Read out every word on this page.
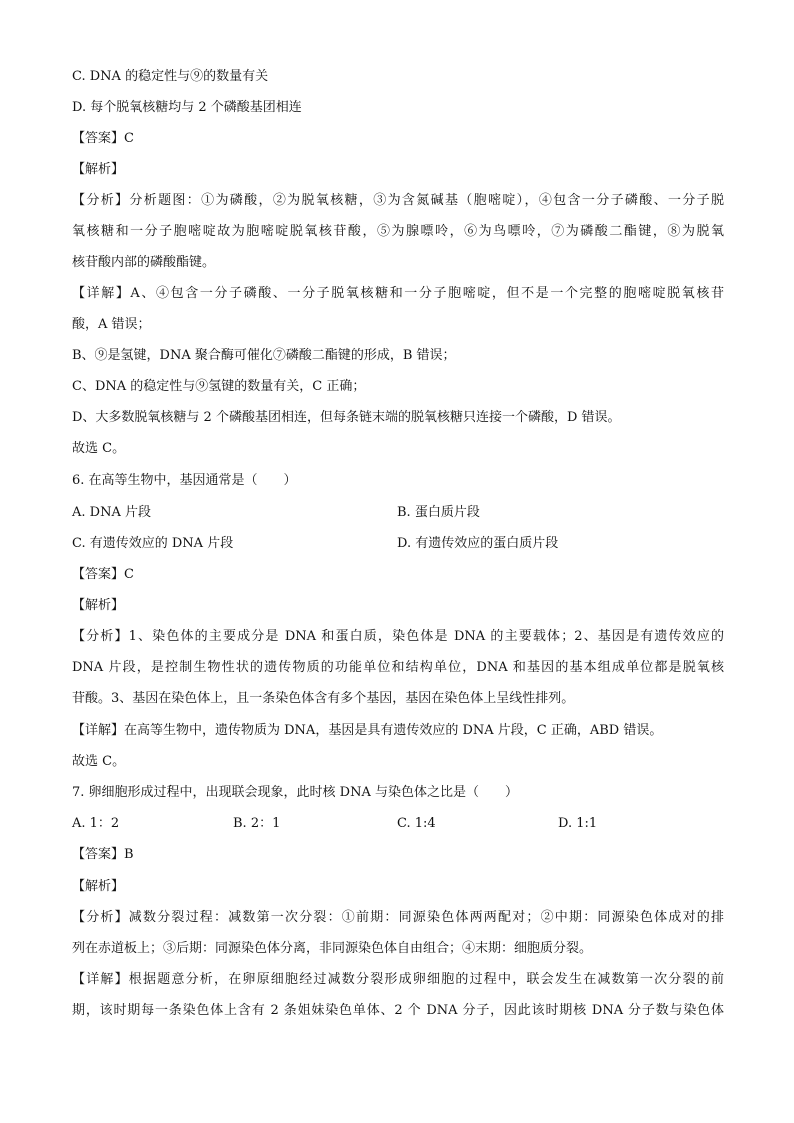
C. DNA 的稳定性与⑨的数量有关
D. 每个脱氧核糖均与 2 个磷酸基团相连
【答案】C
【解析】
【分析】分析题图：①为磷酸，②为脱氧核糖，③为含氮碱基（胞嘧啶），④包含一分子磷酸、一分子脱
氧核糖和一分子胞嘧啶故为胞嘧啶脱氧核苷酸，⑤为腺嘌呤，⑥为鸟嘌呤，⑦为磷酸二酯键，⑧为脱氧
核苷酸内部的磷酸酯键。
【详解】A、④包含一分子磷酸、一分子脱氧核糖和一分子胞嘧啶，但不是一个完整的胞嘧啶脱氧核苷
酸，A 错误；
B、⑨是氢键，DNA 聚合酶可催化⑦磷酸二酯键的形成，B 错误；
C、DNA 的稳定性与⑨氢键的数量有关，C 正确；
D、大多数脱氧核糖与 2 个磷酸基团相连，但每条链末端的脱氧核糖只连接一个磷酸，D 错误。
故选 C。
6. 在高等生物中，基因通常是（　　）
A. DNA 片段	B. 蛋白质片段
C. 有遗传效应的 DNA 片段	D. 有遗传效应的蛋白质片段
【答案】C
【解析】
【分析】1、染色体的主要成分是 DNA 和蛋白质，染色体是 DNA 的主要载体；2、基因是有遗传效应的
DNA 片段，是控制生物性状的遗传物质的功能单位和结构单位，DNA 和基因的基本组成单位都是脱氧核
苷酸。3、基因在染色体上，且一条染色体含有多个基因，基因在染色体上呈线性排列。
【详解】在高等生物中，遗传物质为 DNA，基因是具有遗传效应的 DNA 片段，C 正确，ABD 错误。
故选 C。
7. 卵细胞形成过程中，出现联会现象，此时核 DNA 与染色体之比是（　　）
A. 1：2	B. 2：1	C. 1:4	D. 1:1
【答案】B
【解析】
【分析】减数分裂过程：减数第一次分裂：①前期：同源染色体两两配对；②中期：同源染色体成对的排
列在赤道板上；③后期：同源染色体分离，非同源染色体自由组合；④末期：细胞质分裂。
【详解】根据题意分析，在卵原细胞经过减数分裂形成卵细胞的过程中，联会发生在减数第一次分裂的前
期，该时期每一条染色体上含有 2 条姐妹染色单体、2 个 DNA 分子，因此该时期核 DNA 分子数与染色体
